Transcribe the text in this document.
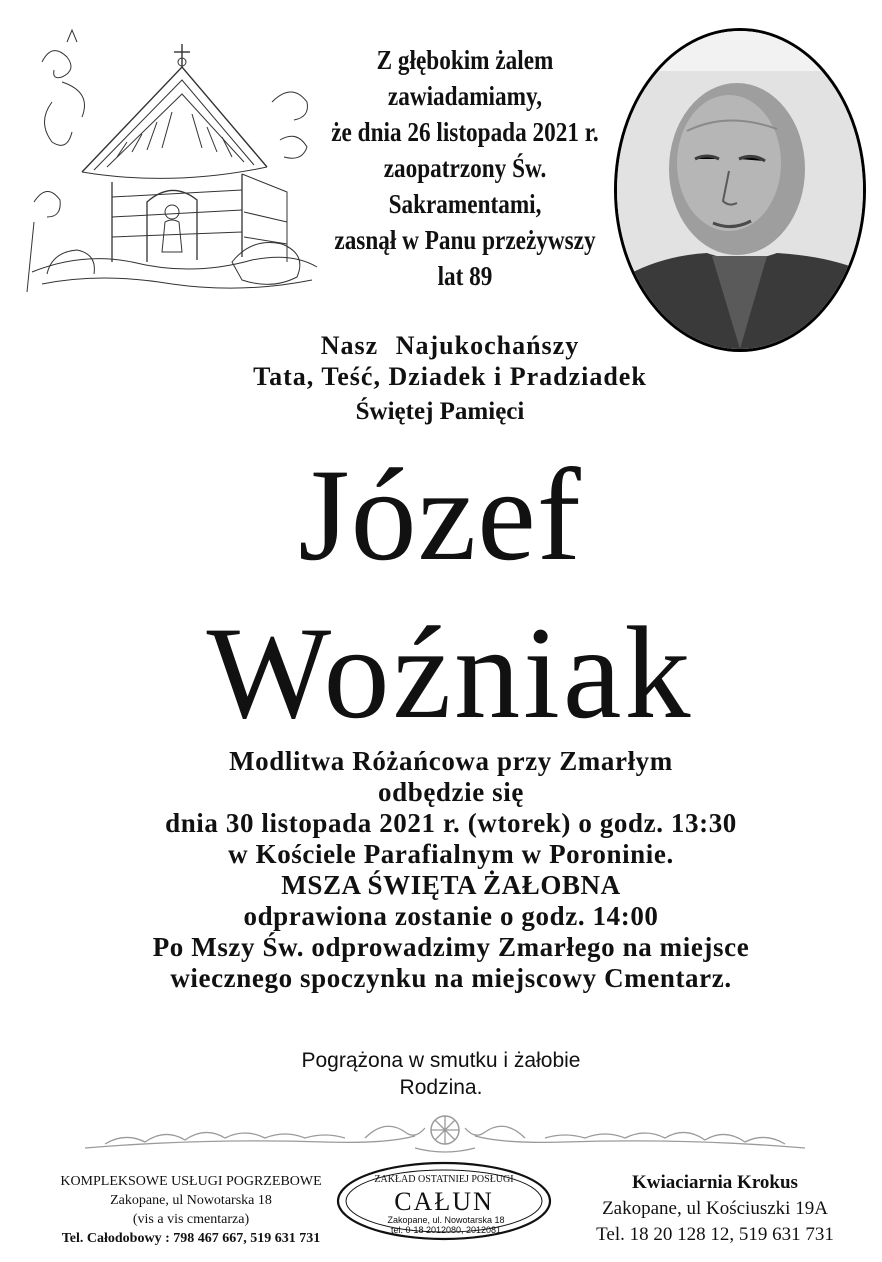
Z głębokim żalem zawiadamiamy,
że dnia 26 listopada 2021 r.
zaopatrzony Św. Sakramentami,
zasnął w Panu przeżywszy lat 89
Nasz Najukochańszy
Tata, Teść, Dziadek i Pradziadek
Świętej Pamięci
Józef
Woźniak
Modlitwa Różańcowa przy Zmarłym
odbędzie się
dnia 30 listopada 2021 r. (wtorek) o godz. 13:30
w Kościele Parafialnym w Poroninie.
MSZA ŚWIĘTA ŻAŁOBNA
odprawiona zostanie o godz. 14:00
Po Mszy Św. odprowadzimy Zmarłego na miejsce
wiecznego spoczynku na miejscowy Cmentarz.
Pogrążona w smutku i żałobie
Rodzina.
KOMPLEKSOWE USŁUGI POGRZEBOWE
Zakopane, ul Nowotarska 18
(vis a vis cmentarza)
Tel. Całodobowy : 798 467 667, 519 631 731
ZAKŁAD OSTATNIEJ POSŁUGI
CAŁUN
Zakopane, ul. Nowotarska 18
tel. 0-18 2012080, 2012081
Kwiaciarnia Krokus
Zakopane, ul Kościuszki 19A
Tel. 18 20 128 12, 519 631 731
